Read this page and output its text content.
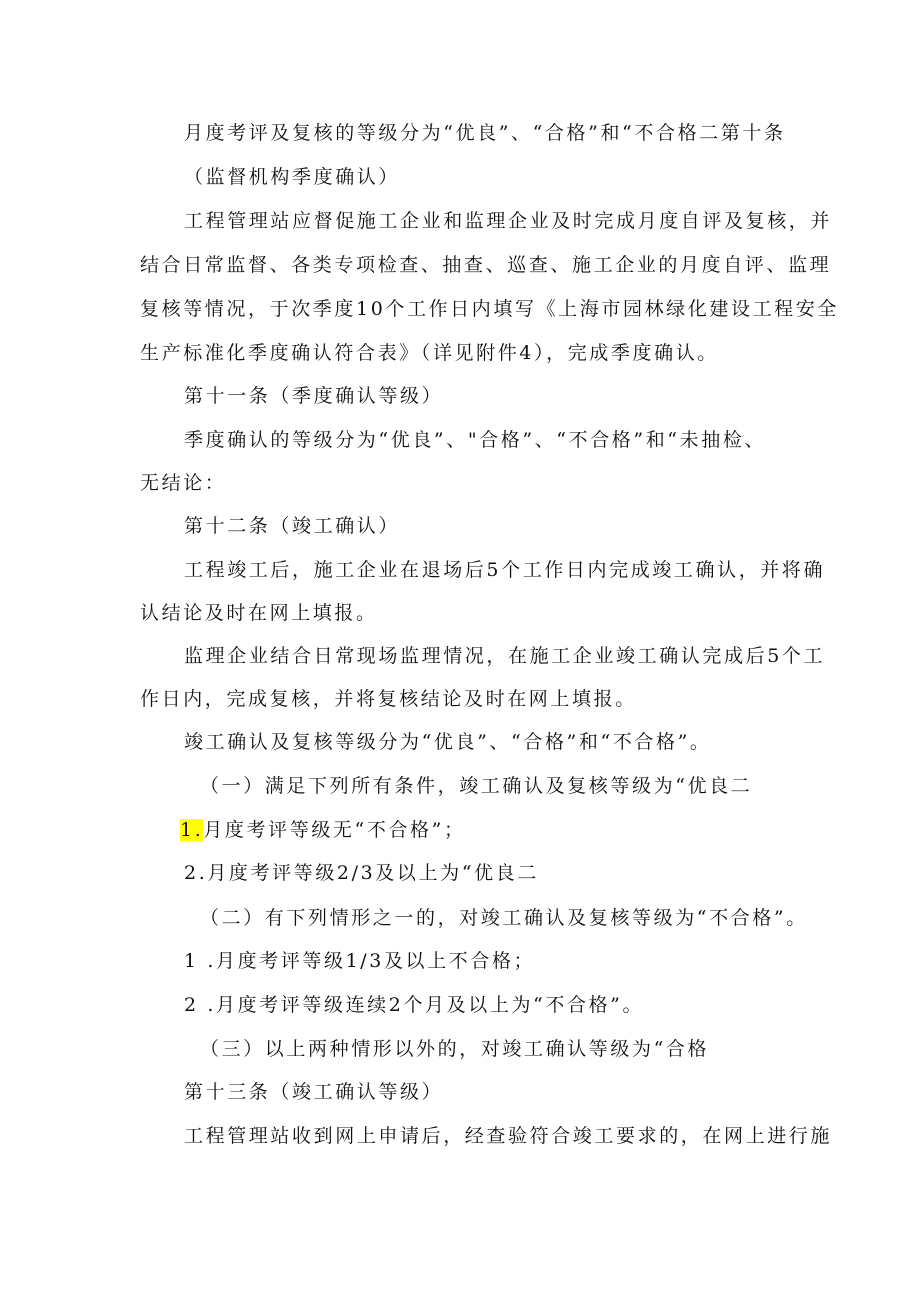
月度考评及复核的等级分为“优良”、“合格”和“不合格二第十条
（监督机构季度确认）
工程管理站应督促施工企业和监理企业及时完成月度自评及复核，并
结合日常监督、各类专项检查、抽查、巡查、施工企业的月度自评、监理
复核等情况，于次季度10个工作日内填写《上海市园林绿化建设工程安全
生产标准化季度确认符合表》（详见附件4），完成季度确认。
第十一条（季度确认等级）
季度确认的等级分为“优良”、"合格”、“不合格”和“未抽检、
无结论：
第十二条（竣工确认）
工程竣工后，施工企业在退场后5个工作日内完成竣工确认，并将确
认结论及时在网上填报。
监理企业结合日常现场监理情况，在施工企业竣工确认完成后5个工
作日内，完成复核，并将复核结论及时在网上填报。
竣工确认及复核等级分为“优良”、“合格”和“不合格”。
（一）满足下列所有条件，竣工确认及复核等级为“优良二
1.月度考评等级无“不合格”；
2.月度考评等级2/3及以上为“优良二
（二）有下列情形之一的，对竣工确认及复核等级为“不合格”。
1 .月度考评等级1/3及以上不合格；
2 .月度考评等级连续2个月及以上为“不合格”。
（三）以上两种情形以外的，对竣工确认等级为“合格
第十三条（竣工确认等级）
工程管理站收到网上申请后，经查验符合竣工要求的，在网上进行施
